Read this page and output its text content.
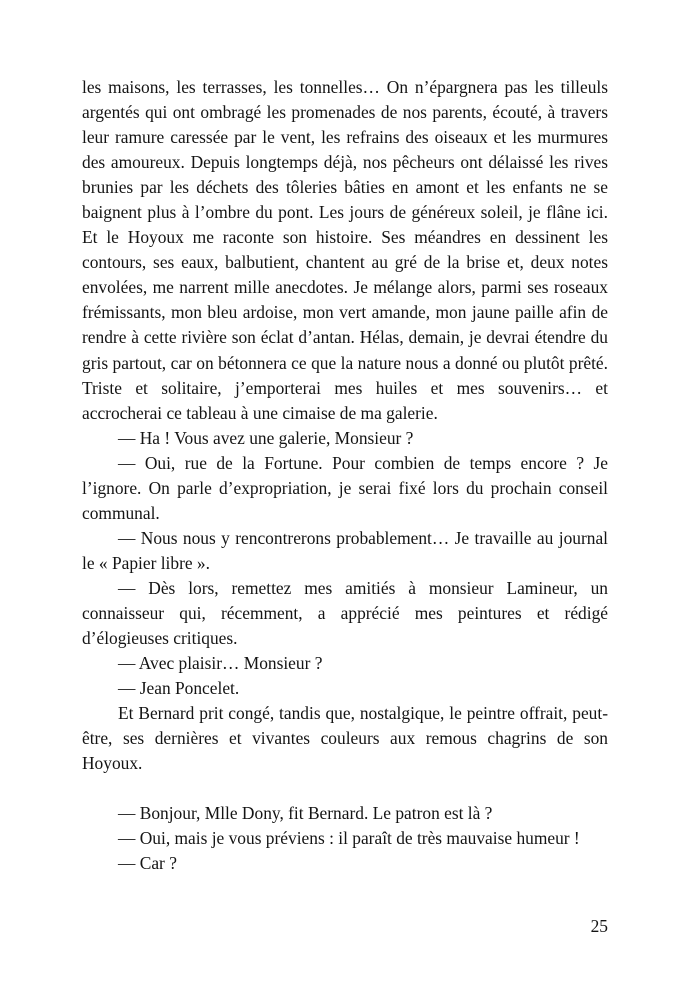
les maisons, les terrasses, les tonnelles… On n’épargnera pas les tilleuls argentés qui ont ombragé les promenades de nos parents, écouté, à travers leur ramure caressée par le vent, les refrains des oiseaux et les murmures des amoureux. Depuis longtemps déjà, nos pêcheurs ont délaissé les rives brunies par les déchets des tôleries bâties en amont et les enfants ne se baignent plus à l’ombre du pont. Les jours de généreux soleil, je flâne ici. Et le Hoyoux me raconte son histoire. Ses méandres en dessinent les contours, ses eaux, balbutient, chantent au gré de la brise et, deux notes envolées, me narrent mille anecdotes. Je mélange alors, parmi ses roseaux frémissants, mon bleu ardoise, mon vert amande, mon jaune paille afin de rendre à cette rivière son éclat d’antan. Hélas, demain, je devrai étendre du gris partout, car on bétonnera ce que la nature nous a donné ou plutôt prêté. Triste et solitaire, j’emporterai mes huiles et mes souvenirs… et accrocherai ce tableau à une cimaise de ma galerie.

— Ha ! Vous avez une galerie, Monsieur ?

— Oui, rue de la Fortune. Pour combien de temps encore ? Je l’ignore. On parle d’expropriation, je serai fixé lors du prochain conseil communal.

— Nous nous y rencontrerons probablement… Je travaille au journal le « Papier libre ».

— Dès lors, remettez mes amitiés à monsieur Lamineur, un connaisseur qui, récemment, a apprécié mes peintures et rédigé d’élogieuses critiques.

— Avec plaisir… Monsieur ?

— Jean Poncelet.

Et Bernard prit congé, tandis que, nostalgique, le peintre offrait, peut-être, ses dernières et vivantes couleurs aux remous chagrins de son Hoyoux.

— Bonjour, Mlle Dony, fit Bernard. Le patron est là ?

— Oui, mais je vous préviens : il paraît de très mauvaise humeur !

— Car ?

25
